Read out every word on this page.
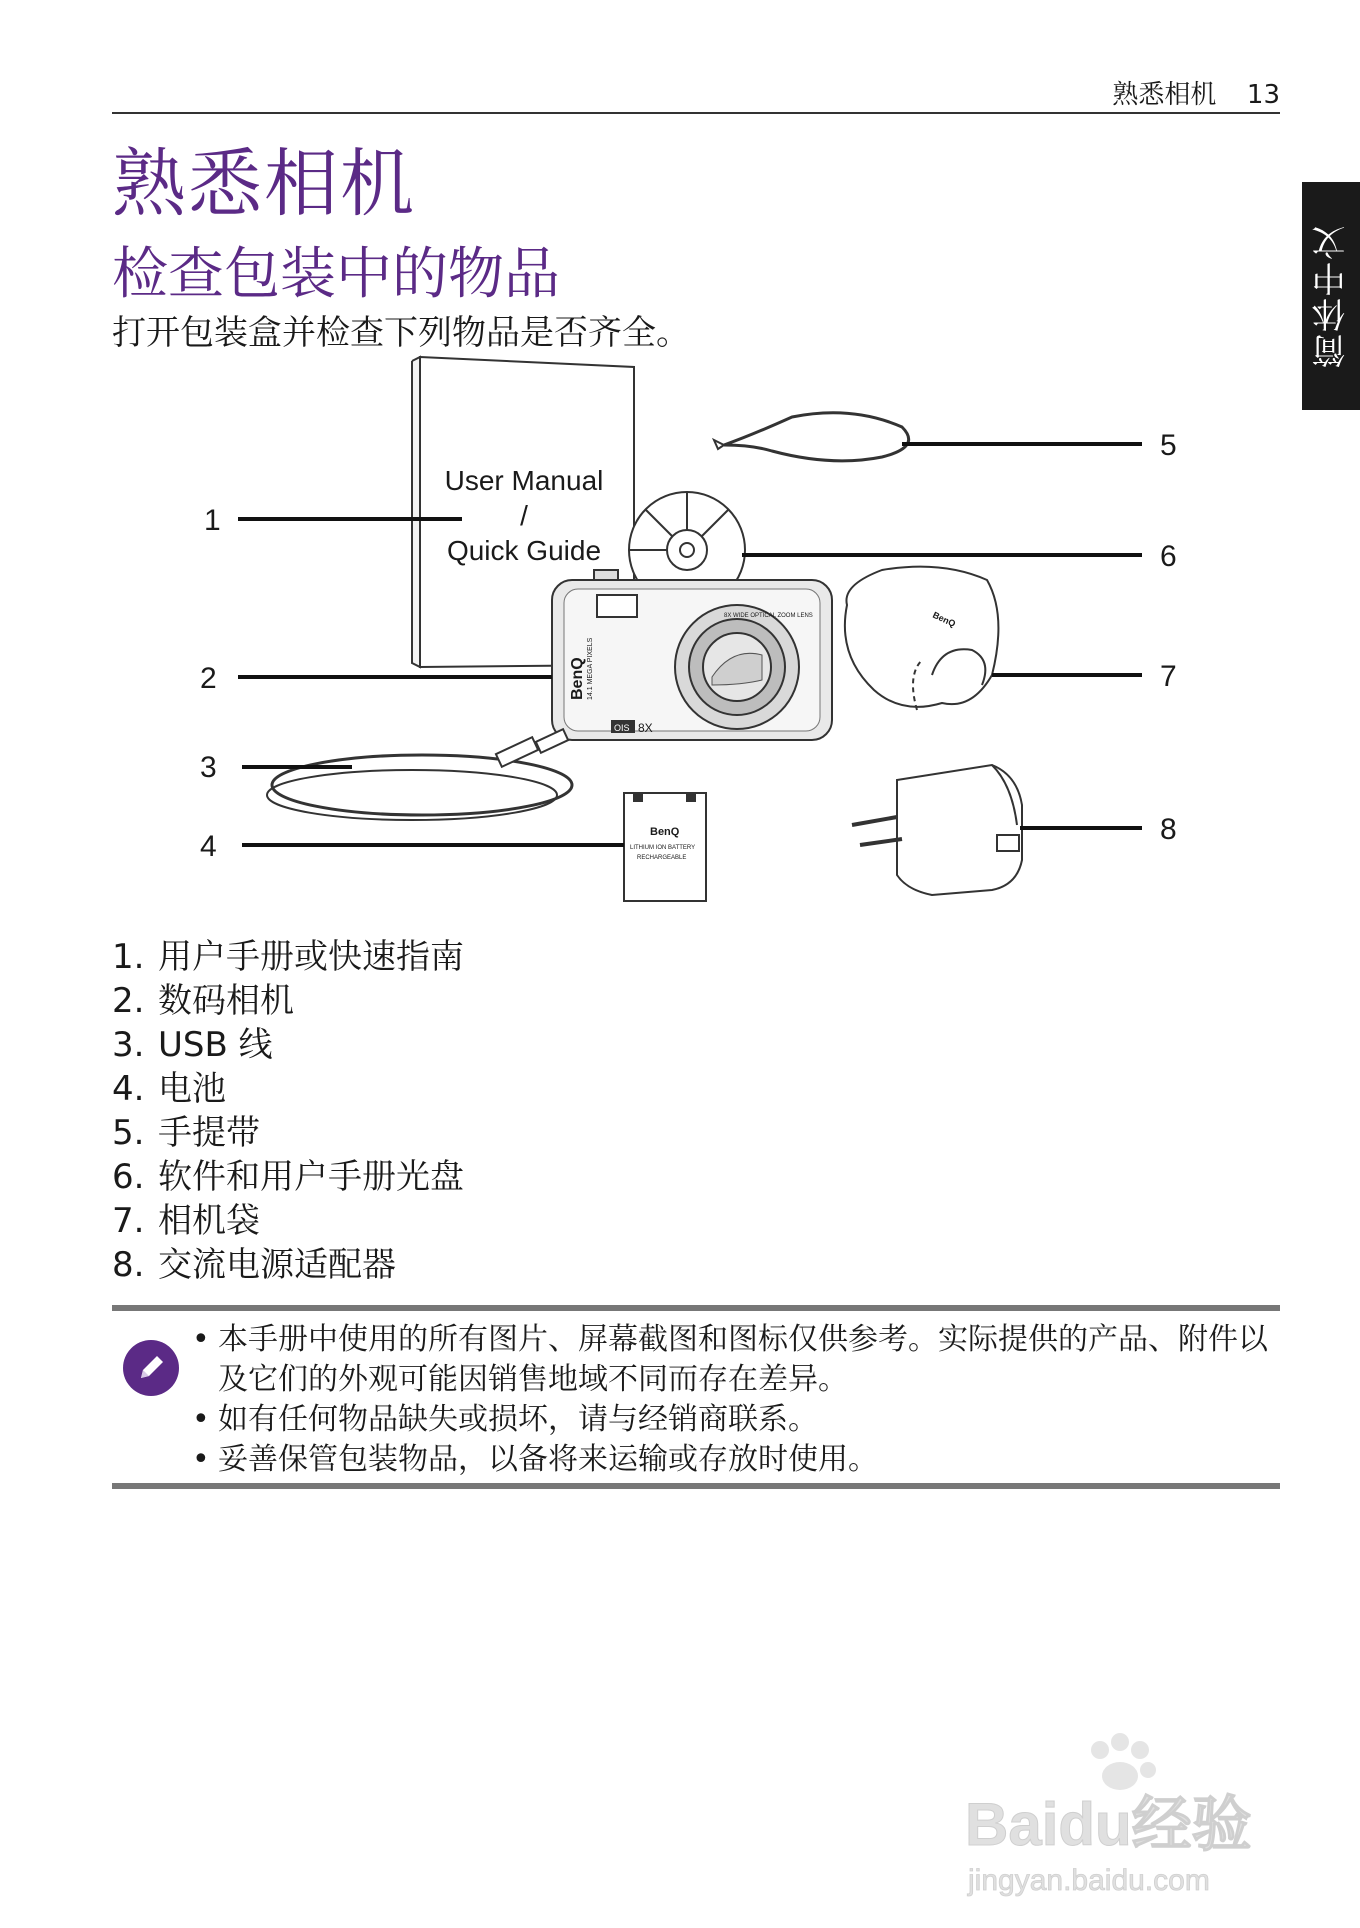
熟悉相机 13
简体中文
熟悉相机
检查包装中的物品
打开包装盒并检查下列物品是否齐全。
User Manual
/
Quick Guide
BenQ 14.1 MEGA PIXELS
OIS 8X
8X WIDE OPTICAL ZOOM LENS
BenQ
LITHIUM ION BATTERY
RECHARGEABLE
BenQ
1
2
3
4
5
6
7
8
1. 用户手册或快速指南
2. 数码相机
3. USB 线
4. 电池
5. 手提带
6. 软件和用户手册光盘
7. 相机袋
8. 交流电源适配器
• 本手册中使用的所有图片、屏幕截图和图标仅供参考。实际提供的产品、附件以及它们的外观可能因销售地域不同而存在差异。
• 如有任何物品缺失或损坏，请与经销商联系。
• 妥善保管包装物品，以备将来运输或存放时使用。
Baidu经验
jingyan.baidu.com
